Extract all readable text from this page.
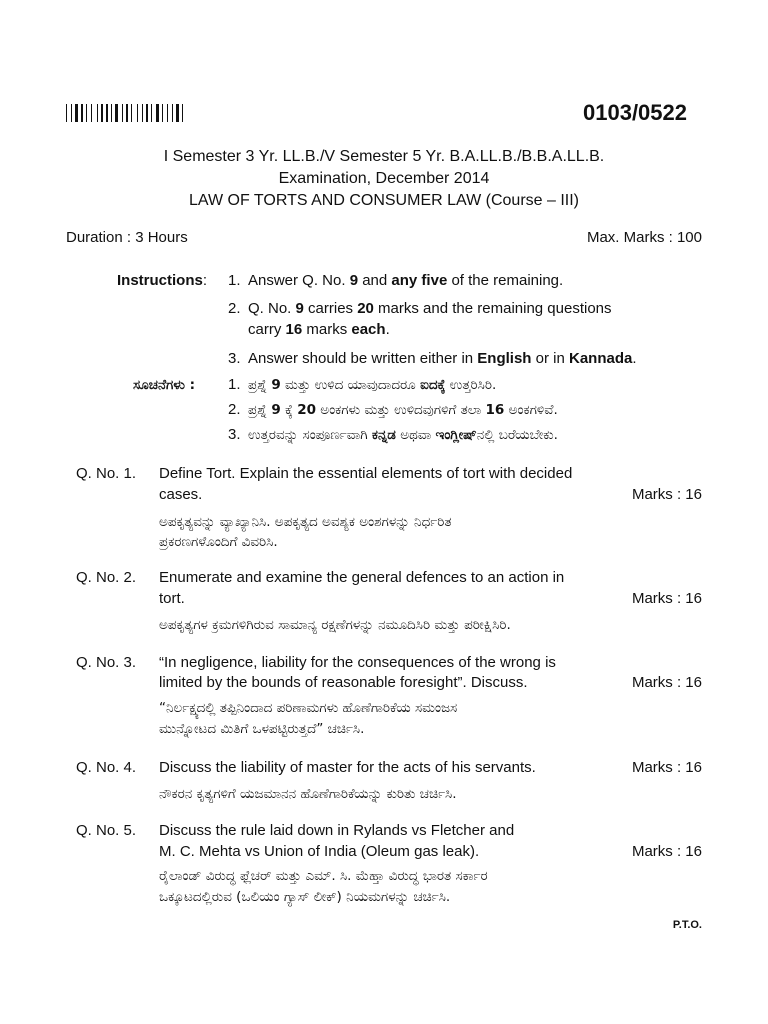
0103/0522
I Semester 3 Yr. LL.B./V Semester 5 Yr. B.A.LL.B./B.B.A.LL.B.
Examination, December 2014
LAW OF TORTS AND CONSUMER LAW (Course – III)
Duration : 3 Hours	Max. Marks : 100
Instructions: 1. Answer Q. No. 9 and any five of the remaining.
2. Q. No. 9 carries 20 marks and the remaining questions
carry 16 marks each.
3. Answer should be written either in English or in Kannada.
ಸೂಚನೆಗಳು : 1. ಪ್ರಶ್ನೆ 9 ಮತ್ತು ಉಳಿದ ಯಾವುದಾದರೂ ಐದಕ್ಕೆ ಉತ್ತರಿಸಿರಿ.
2. ಪ್ರಶ್ನೆ 9 ಕ್ಕೆ 20 ಅಂಕಗಳು ಮತ್ತು ಉಳಿದವುಗಳಿಗೆ ತಲಾ 16 ಅಂಕಗಳಿವೆ.
3. ಉತ್ತರವನ್ನು ಸಂಪೂರ್ಣವಾಗಿ ಕನ್ನಡ ಅಥವಾ ಇಂಗ್ಲೀಷ್ನಲ್ಲಿ ಬರೆಯಬೇಕು.
Q. No. 1. Define Tort. Explain the essential elements of tort with decided
cases.	Marks : 16
ಅಪಕೃತ್ಯವನ್ನು ವ್ಯಾಖ್ಯಾನಿಸಿ. ಅಪಕೃತ್ಯದ ಅವಶ್ಯಕ ಅಂಶಗಳನ್ನು ನಿರ್ಧರಿತ
ಪ್ರಕರಣಗಳೊಂದಿಗೆ ವಿವರಿಸಿ.
Q. No. 2. Enumerate and examine the general defences to an action in
tort.	Marks : 16
ಅಪಕೃತ್ಯಗಳ ಕ್ರಮಗಳಿಗಿರುವ ಸಾಮಾನ್ಯ ರಕ್ಷಣೆಗಳನ್ನು ನಮೂದಿಸಿರಿ ಮತ್ತು ಪರೀಕ್ಷಿಸಿರಿ.
Q. No. 3. “In negligence, liability for the consequences of the wrong is
limited by the bounds of reasonable foresight”. Discuss.	Marks : 16
“ನಿರ್ಲಕ್ಷ್ಯದಲ್ಲಿ ತಪ್ಪಿನಿಂದಾದ ಪರಿಣಾಮಗಳು ಹೊಣೆಗಾರಿಕೆಯ ಸಮಂಜಸ
ಮುನ್ನೋಟದ ಮಿತಿಗೆ ಒಳಪಟ್ಟಿರುತ್ತದೆ” ಚರ್ಚಿಸಿ.
Q. No. 4. Discuss the liability of master for the acts of his servants.	Marks : 16
ನೌಕರನ ಕೃತ್ಯಗಳಿಗೆ ಯಜಮಾನನ ಹೊಣೆಗಾರಿಕೆಯನ್ನು ಕುರಿತು ಚರ್ಚಿಸಿ.
Q. No. 5. Discuss the rule laid down in Rylands vs Fletcher and
M. C. Mehta vs Union of India (Oleum gas leak).	Marks : 16
ರೈಲಾಂಡ್ ವಿರುದ್ಧ ಫ್ಲೆಚರ್ ಮತ್ತು ಎಮ್. ಸಿ. ಮೆಹ್ತಾ ವಿರುದ್ಧ ಭಾರತ ಸರ್ಕಾರ
ಒಕ್ಕೂಟದಲ್ಲಿರುವ (ಒಲಿಯಂ ಗ್ಯಾಸ್ ಲೀಕ್) ನಿಯಮಗಳನ್ನು ಚರ್ಚಿಸಿ.
P.T.O.
